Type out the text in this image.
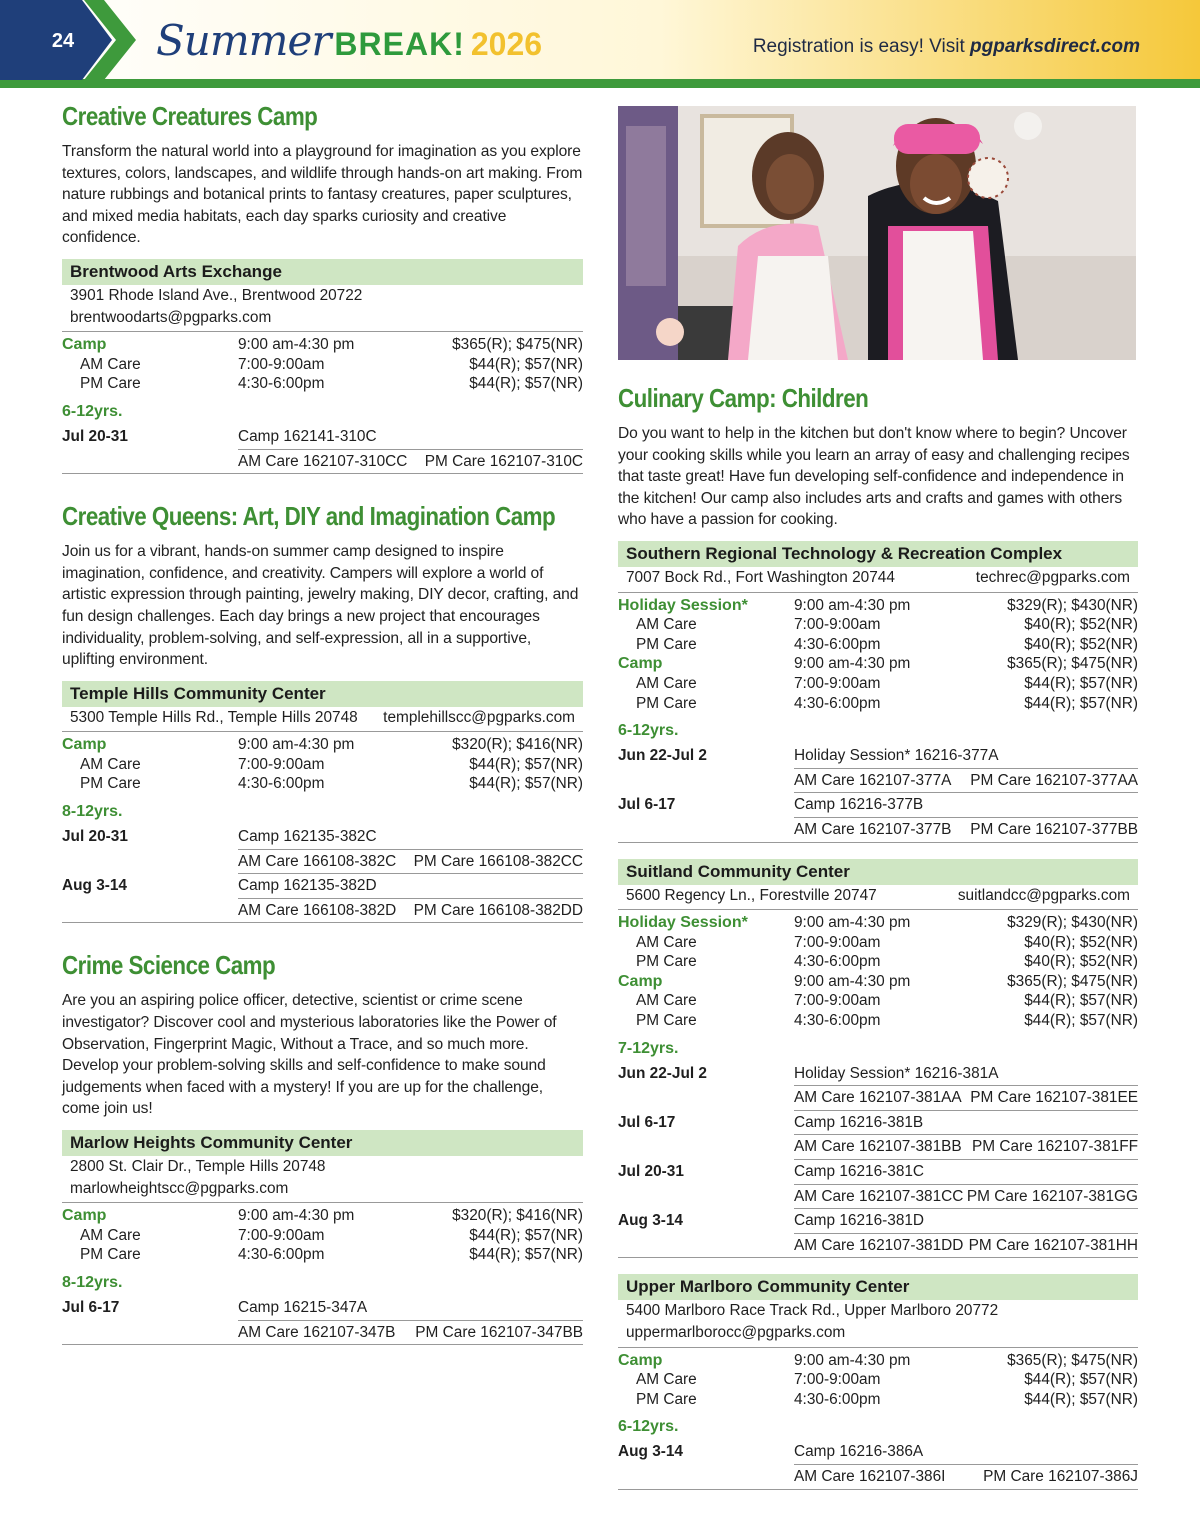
24 Summer BREAK! 2026	Registration is easy! Visit pgparksdirect.com
Creative Creatures Camp
Transform the natural world into a playground for imagination as you explore textures, colors, landscapes, and wildlife through hands-on art making. From nature rubbings and botanical prints to fantasy creatures, paper sculptures, and mixed media habitats, each day sparks curiosity and creative confidence.
Brentwood Arts Exchange
3901 Rhode Island Ave., Brentwood 20722
brentwoodarts@pgparks.com
Camp	9:00 am-4:30 pm	$365(R); $475(NR)
AM Care	7:00-9:00am	$44(R); $57(NR)
PM Care	4:30-6:00pm	$44(R); $57(NR)
6-12yrs.
Jul 20-31	Camp 162141-310C
AM Care 162107-310CC PM Care 162107-310C
Creative Queens: Art, DIY and Imagination Camp
Join us for a vibrant, hands-on summer camp designed to inspire imagination, confidence, and creativity. Campers will explore a world of artistic expression through painting, jewelry making, DIY decor, crafting, and fun design challenges. Each day brings a new project that encourages individuality, problem-solving, and self-expression, all in a supportive, uplifting environment.
Temple Hills Community Center
5300 Temple Hills Rd., Temple Hills 20748 templehillscc@pgparks.com
Camp	9:00 am-4:30 pm	$320(R); $416(NR)
AM Care	7:00-9:00am	$44(R); $57(NR)
PM Care	4:30-6:00pm	$44(R); $57(NR)
8-12yrs.
Jul 20-31	Camp 162135-382C
AM Care 166108-382C PM Care 166108-382CC
Aug 3-14	Camp 162135-382D
AM Care 166108-382D PM Care 166108-382DD
Crime Science Camp
Are you an aspiring police officer, detective, scientist or crime scene investigator? Discover cool and mysterious laboratories like the Power of Observation, Fingerprint Magic, Without a Trace, and so much more. Develop your problem-solving skills and self-confidence to make sound judgements when faced with a mystery! If you are up for the challenge, come join us!
Marlow Heights Community Center
2800 St. Clair Dr., Temple Hills 20748
marlowheightscc@pgparks.com
Camp	9:00 am-4:30 pm	$320(R); $416(NR)
AM Care	7:00-9:00am	$44(R); $57(NR)
PM Care	4:30-6:00pm	$44(R); $57(NR)
8-12yrs.
Jul 6-17	Camp 16215-347A
AM Care 162107-347B PM Care 162107-347BB
Culinary Camp: Children
Do you want to help in the kitchen but don't know where to begin? Uncover your cooking skills while you learn an array of easy and challenging recipes that taste great! Have fun developing self-confidence and independence in the kitchen! Our camp also includes arts and crafts and games with others who have a passion for cooking.
Southern Regional Technology & Recreation Complex
7007 Bock Rd., Fort Washington 20744	techrec@pgparks.com
Holiday Session*	9:00 am-4:30 pm	$329(R); $430(NR)
AM Care	7:00-9:00am	$40(R); $52(NR)
PM Care	4:30-6:00pm	$40(R); $52(NR)
Camp	9:00 am-4:30 pm	$365(R); $475(NR)
AM Care	7:00-9:00am	$44(R); $57(NR)
PM Care	4:30-6:00pm	$44(R); $57(NR)
6-12yrs.
Jun 22-Jul 2	Holiday Session* 16216-377A
AM Care 162107-377A PM Care 162107-377AA
Jul 6-17	Camp 16216-377B
AM Care 162107-377B PM Care 162107-377BB
Suitland Community Center
5600 Regency Ln., Forestville 20747	suitlandcc@pgparks.com
Holiday Session*	9:00 am-4:30 pm	$329(R); $430(NR)
AM Care	7:00-9:00am	$40(R); $52(NR)
PM Care	4:30-6:00pm	$40(R); $52(NR)
Camp	9:00 am-4:30 pm	$365(R); $475(NR)
AM Care	7:00-9:00am	$44(R); $57(NR)
PM Care	4:30-6:00pm	$44(R); $57(NR)
7-12yrs.
Jun 22-Jul 2	Holiday Session* 16216-381A
AM Care 162107-381AA PM Care 162107-381EE
Jul 6-17	Camp 16216-381B
AM Care 162107-381BB PM Care 162107-381FF
Jul 20-31	Camp 16216-381C
AM Care 162107-381CC PM Care 162107-381GG
Aug 3-14	Camp 16216-381D
AM Care 162107-381DD PM Care 162107-381HH
Upper Marlboro Community Center
5400 Marlboro Race Track Rd., Upper Marlboro 20772
uppermarlborocc@pgparks.com
Camp	9:00 am-4:30 pm	$365(R); $475(NR)
AM Care	7:00-9:00am	$44(R); $57(NR)
PM Care	4:30-6:00pm	$44(R); $57(NR)
6-12yrs.
Aug 3-14	Camp 16216-386A
AM Care 162107-386I PM Care 162107-386J
